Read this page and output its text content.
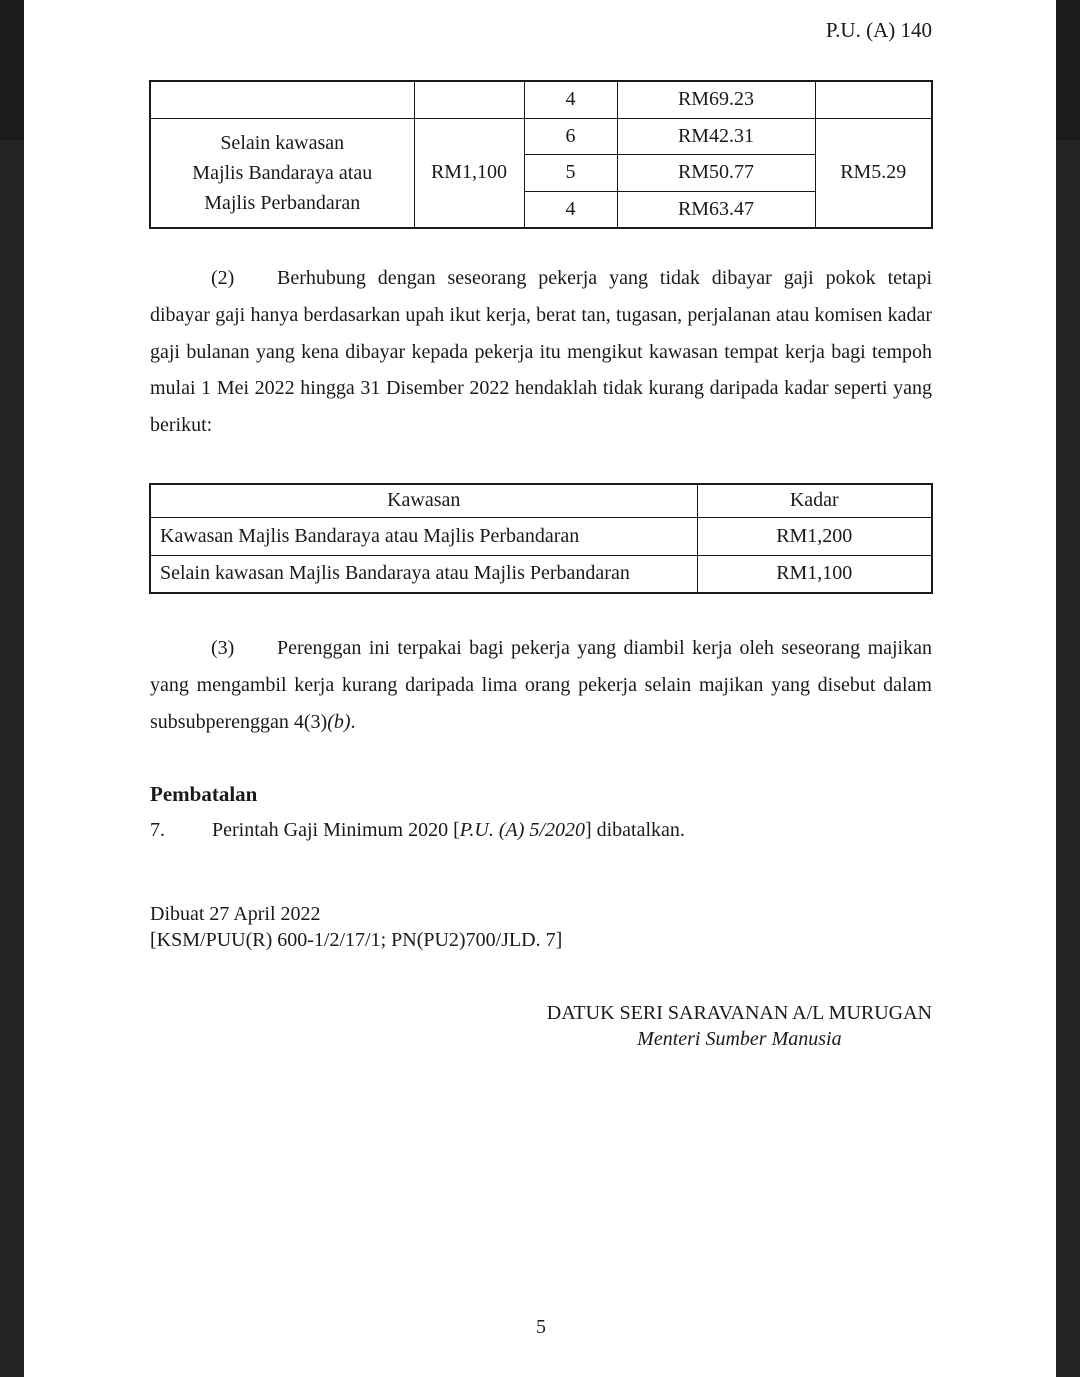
P.U. (A) 140
		4	RM69.23	

Selain kawasan
Majlis Bandaraya atau
Majlis Perbandaran	RM1,100	6	RM42.31	RM5.29
		5	RM50.77	
		4	RM63.47	

(2) Berhubung dengan seseorang pekerja yang tidak dibayar gaji pokok tetapi dibayar gaji hanya berdasarkan upah ikut kerja, berat tan, tugasan, perjalanan atau komisen kadar gaji bulanan yang kena dibayar kepada pekerja itu mengikut kawasan tempat kerja bagi tempoh mulai 1 Mei 2022 hingga 31 Disember 2022 hendaklah tidak kurang daripada kadar seperti yang berikut:

Kawasan	Kadar
Kawasan Majlis Bandaraya atau Majlis Perbandaran	RM1,200
Selain kawasan Majlis Bandaraya atau Majlis Perbandaran	RM1,100

(3) Perenggan ini terpakai bagi pekerja yang diambil kerja oleh seseorang majikan yang mengambil kerja kurang daripada lima orang pekerja selain majikan yang disebut dalam subsubperenggan 4(3)(b).

Pembatalan

7. Perintah Gaji Minimum 2020 [P.U. (A) 5/2020] dibatalkan.

Dibuat 27 April 2022
[KSM/PUU(R) 600-1/2/17/1; PN(PU2)700/JLD. 7]
DATUK SERI SARAVANAN A/L MURUGAN
Menteri Sumber Manusia
5
